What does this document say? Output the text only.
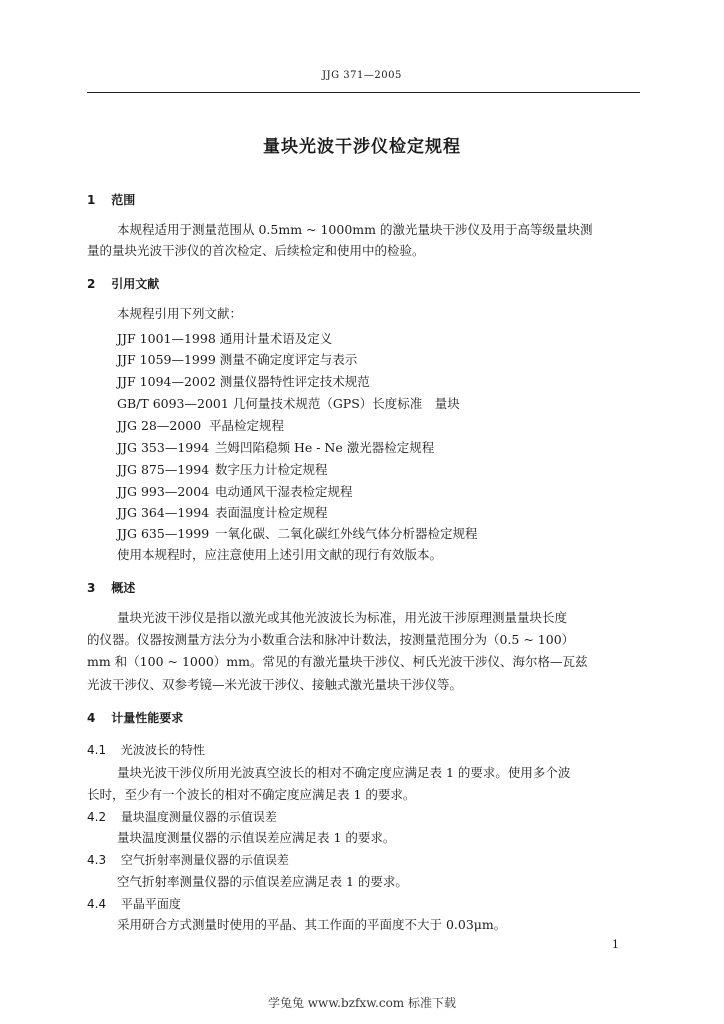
JJG 371—2005
量块光波干涉仪检定规程
1 范围
本规程适用于测量范围从 0.5mm ~ 1000mm 的激光量块干涉仪及用于高等级量块测
量的量块光波干涉仪的首次检定、后续检定和使用中的检验。
2 引用文献
本规程引用下列文献：
JJF 1001—1998 通用计量术语及定义
JJF 1059—1999 测量不确定度评定与表示
JJF 1094—2002 测量仪器特性评定技术规范
GB/T 6093—2001 几何量技术规范（GPS）长度标准　量块
JJG 28—2000 平晶检定规程
JJG 353—1994 兰姆凹陷稳频 He - Ne 激光器检定规程
JJG 875—1994 数字压力计检定规程
JJG 993—2004 电动通风干湿表检定规程
JJG 364—1994 表面温度计检定规程
JJG 635—1999 一氧化碳、二氧化碳红外线气体分析器检定规程
使用本规程时，应注意使用上述引用文献的现行有效版本。
3 概述
量块光波干涉仪是指以激光或其他光波波长为标准，用光波干涉原理测量量块长度
的仪器。仪器按测量方法分为小数重合法和脉冲计数法，按测量范围分为（0.5 ~ 100）
mm 和（100 ~ 1000）mm。常见的有激光量块干涉仪、柯氏光波干涉仪、海尔格—瓦兹
光波干涉仪、双参考镜—米光波干涉仪、接触式激光量块干涉仪等。
4 计量性能要求
4.1 光波波长的特性
量块光波干涉仪所用光波真空波长的相对不确定度应满足表 1 的要求。使用多个波
长时，至少有一个波长的相对不确定度应满足表 1 的要求。
4.2 量块温度测量仪器的示值误差
量块温度测量仪器的示值误差应满足表 1 的要求。
4.3 空气折射率测量仪器的示值误差
空气折射率测量仪器的示值误差应满足表 1 的要求。
4.4 平晶平面度
采用研合方式测量时使用的平晶、其工作面的平面度不大于 0.03μm。
1
学兔兔 www.bzfxw.com 标准下载
